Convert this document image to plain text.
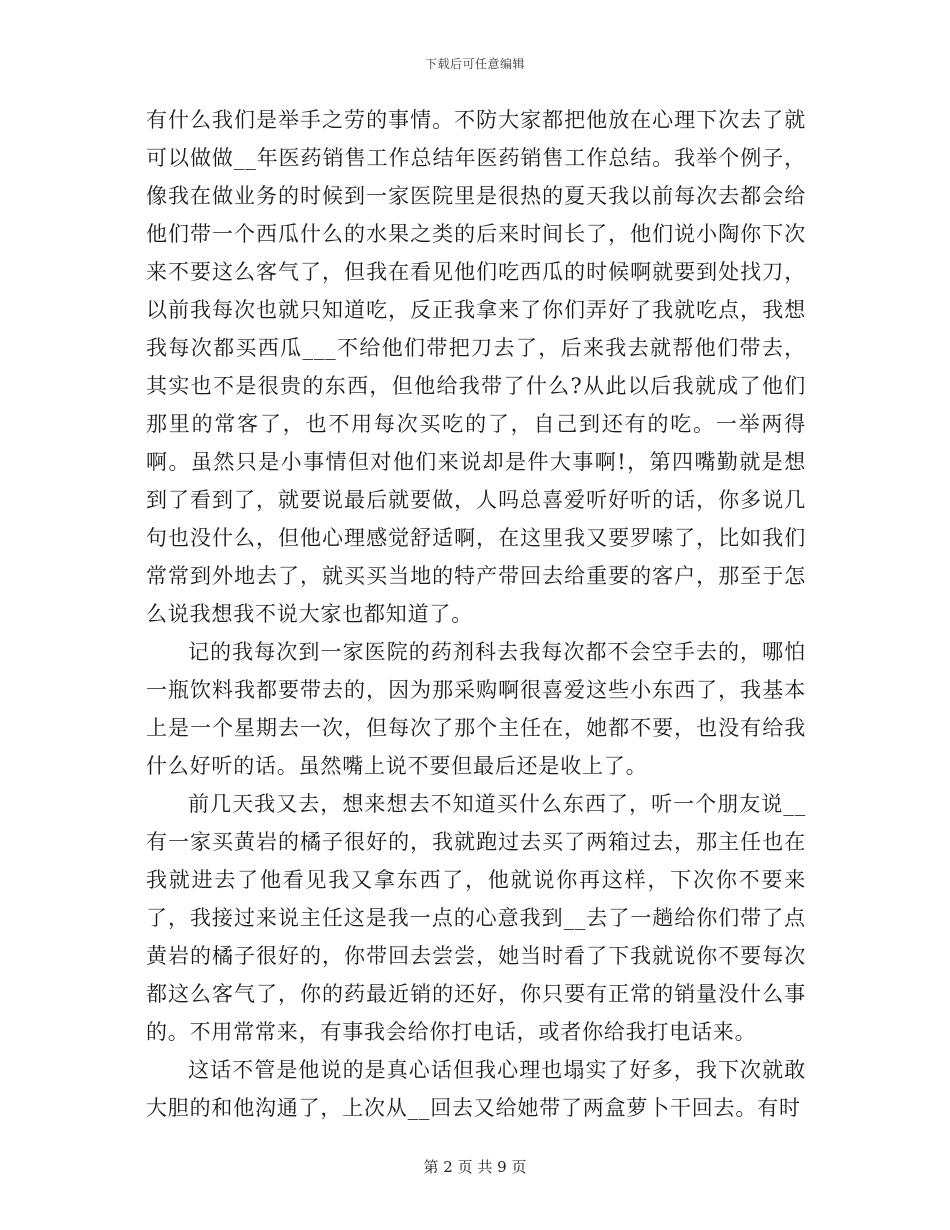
下载后可任意编辑

有什么我们是举手之劳的事情。不防大家都把他放在心理下次去了就可以做做__年医药销售工作总结年医药销售工作总结。我举个例子，像我在做业务的时候到一家医院里是很热的夏天我以前每次去都会给他们带一个西瓜什么的水果之类的后来时间长了，他们说小陶你下次来不要这么客气了，但我在看见他们吃西瓜的时候啊就要到处找刀，以前我每次也就只知道吃，反正我拿来了你们弄好了我就吃点，我想我每次都买西瓜___不给他们带把刀去了，后来我去就帮他们带去，其实也不是很贵的东西，但他给我带了什么?从此以后我就成了他们那里的常客了，也不用每次买吃的了，自己到还有的吃。一举两得啊。虽然只是小事情但对他们来说却是件大事啊!，第四嘴勤就是想到了看到了，就要说最后就要做，人吗总喜爱听好听的话，你多说几句也没什么，但他心理感觉舒适啊，在这里我又要罗嗦了，比如我们常常到外地去了，就买买当地的特产带回去给重要的客户，那至于怎么说我想我不说大家也都知道了。

记的我每次到一家医院的药剂科去我每次都不会空手去的，哪怕一瓶饮料我都要带去的，因为那采购啊很喜爱这些小东西了，我基本上是一个星期去一次，但每次了那个主任在，她都不要，也没有给我什么好听的话。虽然嘴上说不要但最后还是收上了。

前几天我又去，想来想去不知道买什么东西了，听一个朋友说__有一家买黄岩的橘子很好的，我就跑过去买了两箱过去，那主任也在我就进去了他看见我又拿东西了，他就说你再这样，下次你不要来了，我接过来说主任这是我一点的心意我到__去了一趟给你们带了点黄岩的橘子很好的，你带回去尝尝，她当时看了下我就说你不要每次都这么客气了，你的药最近销的还好，你只要有正常的销量没什么事的。不用常常来，有事我会给你打电话，或者你给我打电话来。

这话不管是他说的是真心话但我心理也塌实了好多，我下次就敢大胆的和他沟通了，上次从__回去又给她带了两盒萝卜干回去。有时

第 2 页 共 9 页
